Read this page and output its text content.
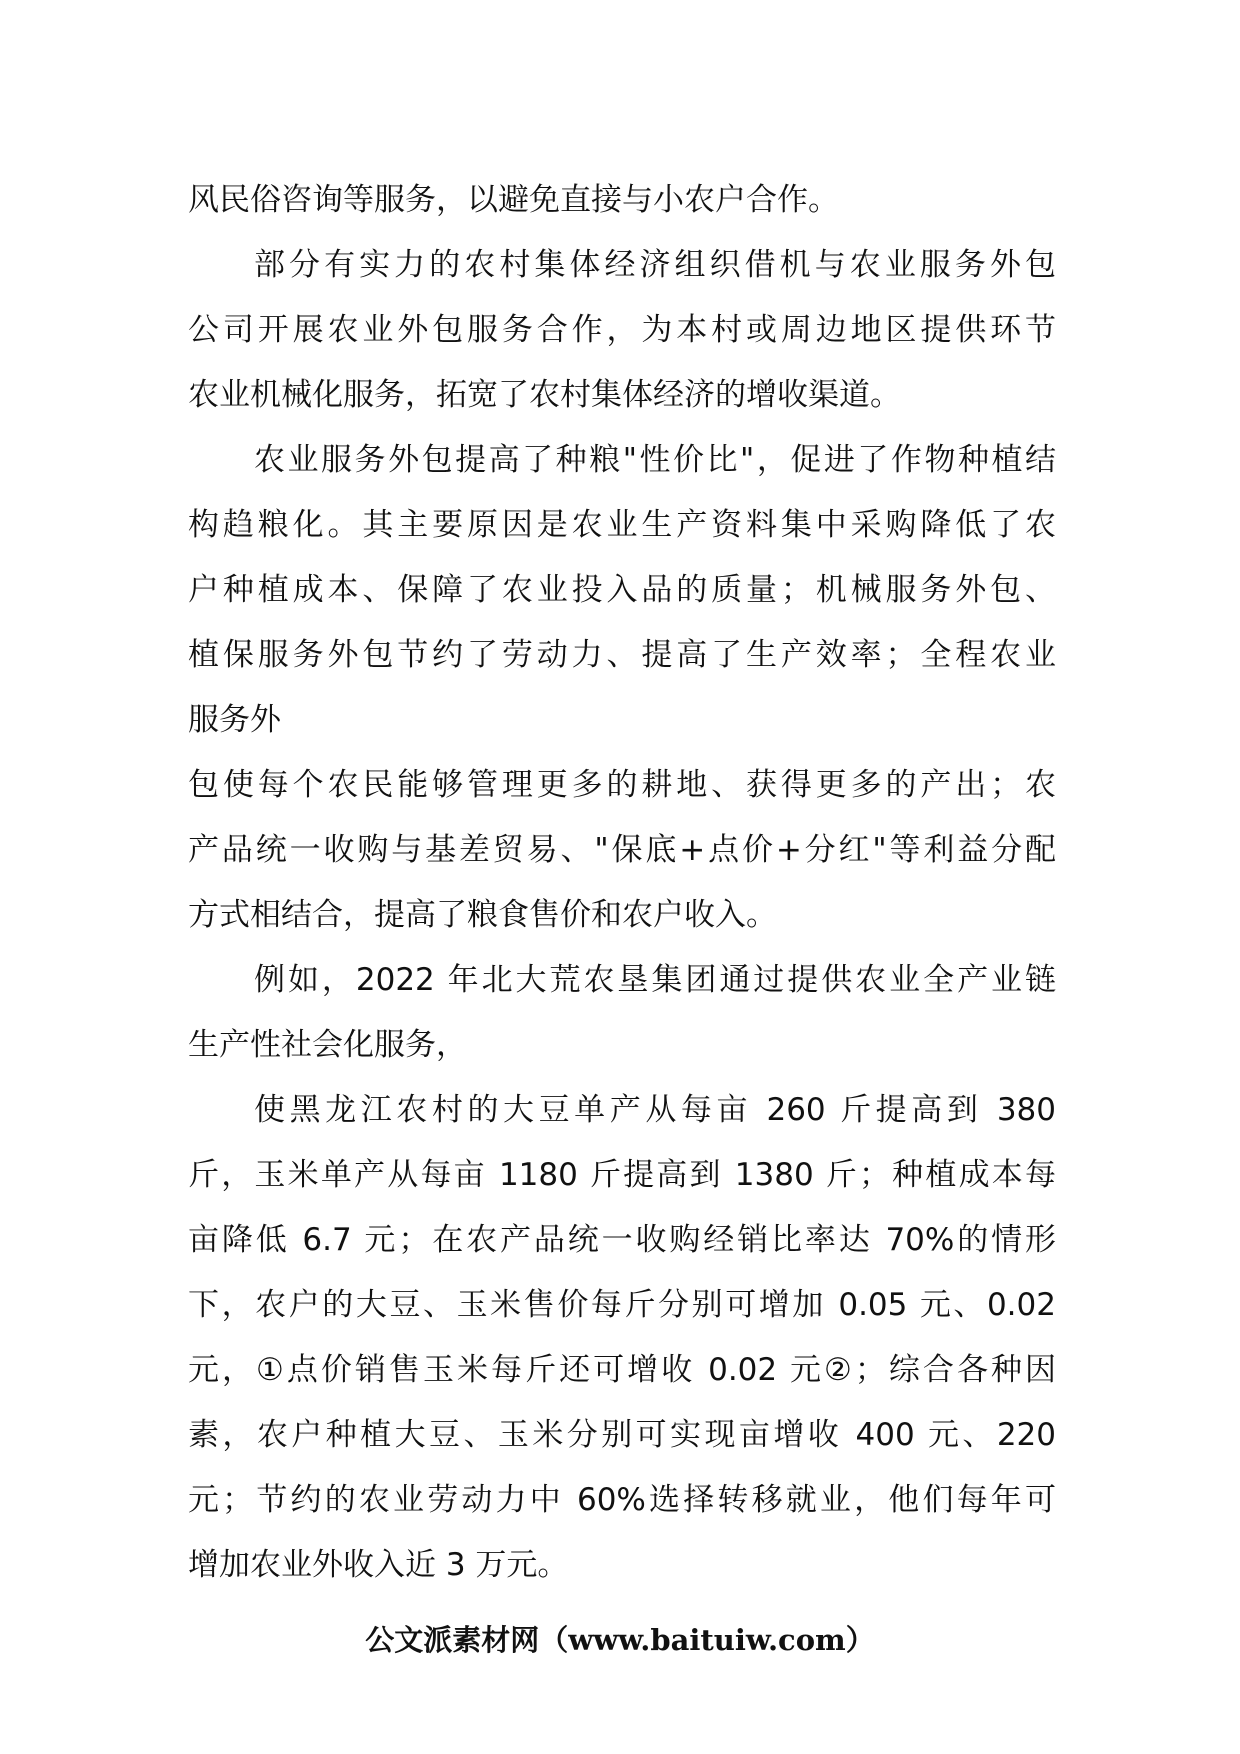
风民俗咨询等服务，以避免直接与小农户合作。
部分有实力的农村集体经济组织借机与农业服务外包
公司开展农业外包服务合作，为本村或周边地区提供环节
农业机械化服务，拓宽了农村集体经济的增收渠道。
农业服务外包提高了种粮"性价比"，促进了作物种植结
构趋粮化。其主要原因是农业生产资料集中采购降低了农
户种植成本、保障了农业投入品的质量；机械服务外包、
植保服务外包节约了劳动力、提高了生产效率；全程农业
服务外
包使每个农民能够管理更多的耕地、获得更多的产出；农
产品统一收购与基差贸易、"保底+点价+分红"等利益分配
方式相结合，提高了粮食售价和农户收入。
例如，2022 年北大荒农垦集团通过提供农业全产业链
生产性社会化服务，
使黑龙江农村的大豆单产从每亩 260 斤提高到 380
斤，玉米单产从每亩 1180 斤提高到 1380 斤；种植成本每
亩降低 6.7 元；在农产品统一收购经销比率达 70%的情形
下，农户的大豆、玉米售价每斤分别可增加 0.05 元、0.02
元，①点价销售玉米每斤还可增收 0.02 元②；综合各种因
素，农户种植大豆、玉米分别可实现亩增收 400 元、220
元；节约的农业劳动力中 60%选择转移就业，他们每年可
增加农业外收入近 3 万元。
公文派素材网（www.baituiw.com）
